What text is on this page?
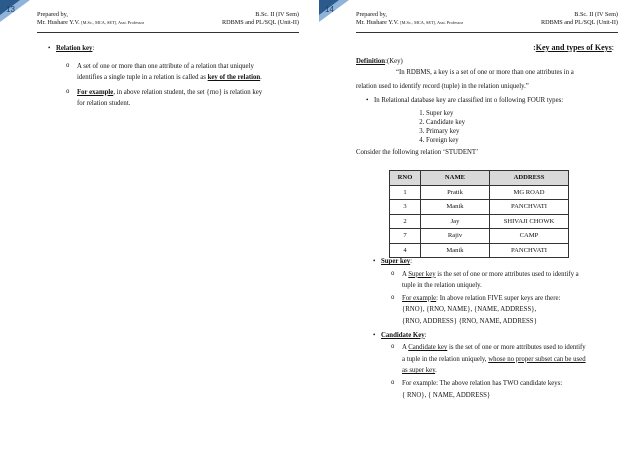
13
Prepared by,
Mr. Hushare Y.V. [M.Sc., MCA, SET], Asst. Professor
B.Sc. II (IV Sem)
RDBMS and PL/SQL (Unit-II)
• Relation key:
o A set of one or more than one attribute of a relation that uniquely
identifies a single tuple in a relation is called as key of the relation.
o For example, in above relation student, the set {rno} is relation key
for relation student.
14
Prepared by,
Mr. Hushare Y.V. [M.Sc., MCA, SET], Asst. Professor
B.Sc. II (IV Sem)
RDBMS and PL/SQL (Unit-II)
:Key and types of Keys:
Definition:(Key)
“In RDBMS, a key is a set of one or more than one attributes in a
relation used to identify record (tuple) in the relation uniquely.”
• In Relational database key are classified int o following FOUR types:
1. Super key
2. Candidate key
3. Primary key
4. Foreign key
Consider the following relation ‘STUDENT’
RNO	NAME	ADDRESS
1	Pratik	MG ROAD
3	Manik	PANCHVATI
2	Jay	SHIVAJI CHOWK
7	Rajiv	CAMP
4	Manik	PANCHVATI
• Super key:
o A Super key is the set of one or more attributes used to identify a
tuple in the relation uniquely.
o For example: In above relation FIVE super keys are there:
{RNO}, {RNO, NAME}, {NAME, ADDRESS},
{RNO, ADDRESS} {RNO, NAME, ADDRESS}
• Candidate Key:
o A Candidate key is the set of one or more attributes used to identify
a tuple in the relation uniquely, whose no proper subset can be used
as super key.
o For example: The above relation has TWO candidate keys:
{ RNO}, { NAME, ADDRESS}
